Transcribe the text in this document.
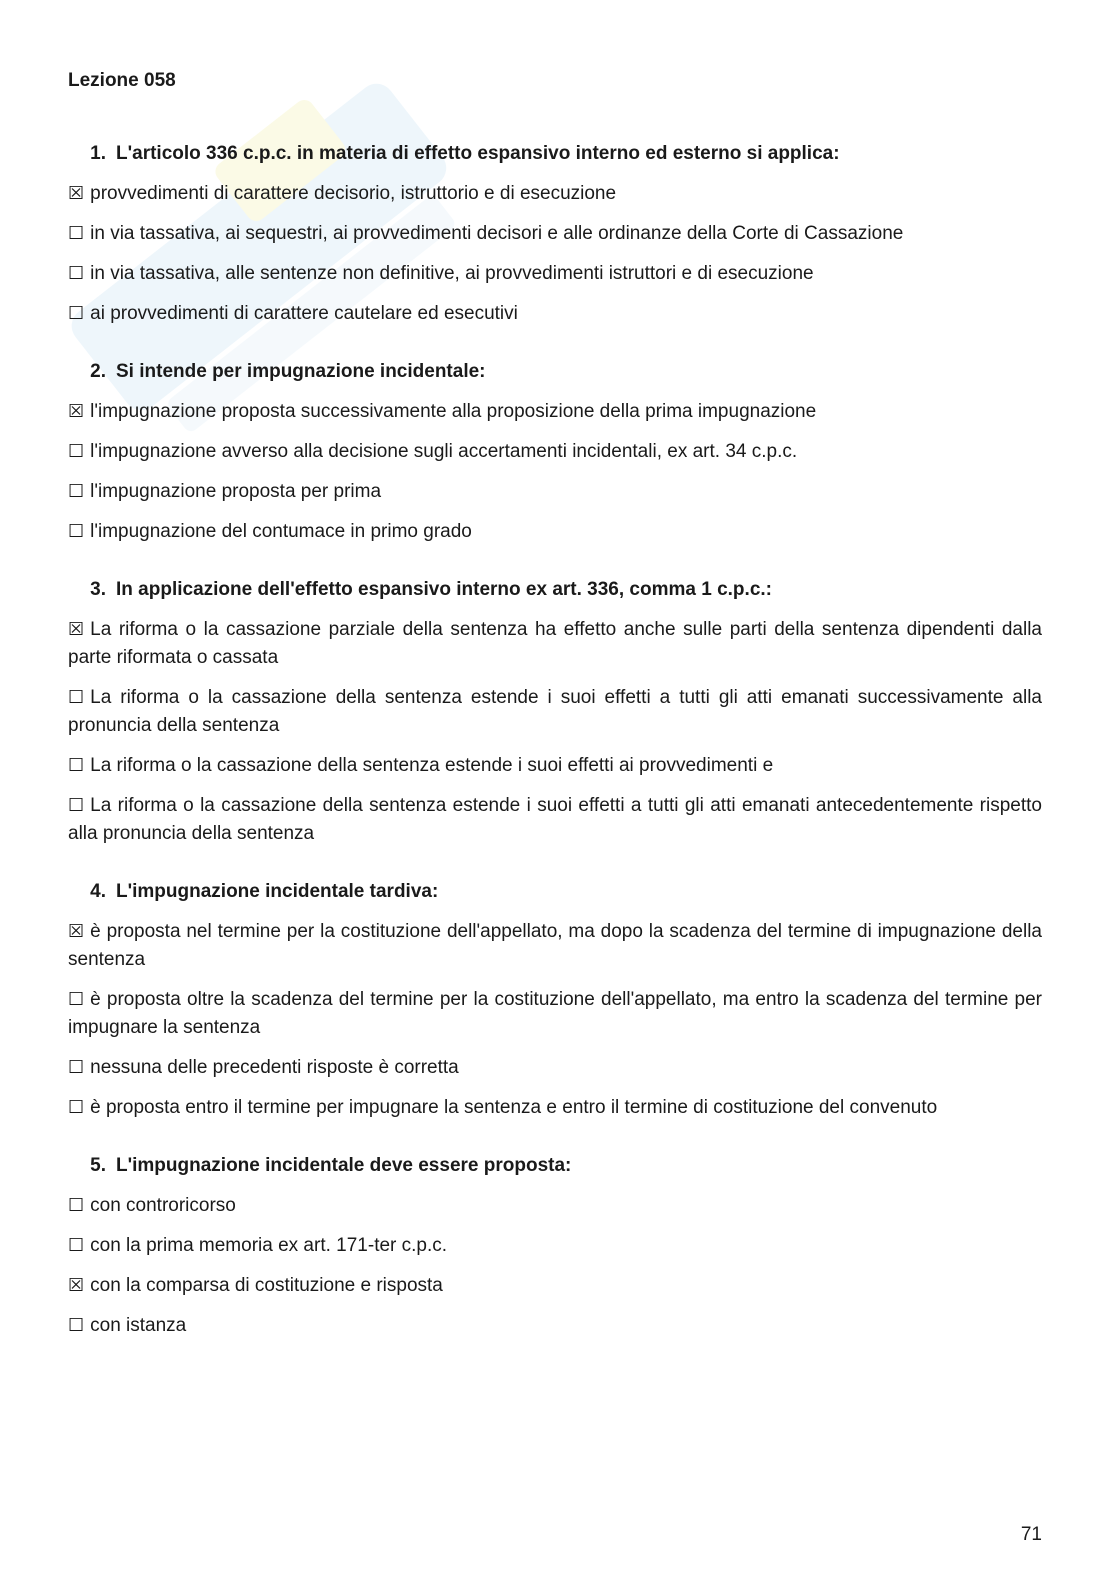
Lezione 058
1 . L'articolo 336 c.p.c. in materia di effetto espansivo interno ed esterno si applica:
☒ provvedimenti di carattere decisorio, istruttorio e di esecuzione
☐ in via tassativa, ai sequestri, ai provvedimenti decisori e alle ordinanze della Corte di Cassazione
☐ in via tassativa, alle sentenze non definitive, ai provvedimenti istruttori e di esecuzione
☐ ai provvedimenti di carattere cautelare ed esecutivi
2 . Si intende per impugnazione incidentale:
☒ l'impugnazione proposta successivamente alla proposizione della prima impugnazione
☐ l'impugnazione avverso alla decisione sugli accertamenti incidentali, ex art. 34 c.p.c.
☐ l'impugnazione proposta per prima
☐ l'impugnazione del contumace in primo grado
3 . In applicazione dell'effetto espansivo interno ex art. 336, comma 1 c.p.c.:
☒ La riforma o la cassazione parziale della sentenza ha effetto anche sulle parti della sentenza dipendenti dalla parte riformata o cassata
☐ La riforma o la cassazione della sentenza estende i suoi effetti a tutti gli atti emanati successivamente alla pronuncia della sentenza
☐ La riforma o la cassazione della sentenza estende i suoi effetti ai provvedimenti e
☐ La riforma o la cassazione della sentenza estende i suoi effetti a tutti gli atti emanati antecedentemente rispetto alla pronuncia della sentenza
4 . L'impugnazione incidentale tardiva:
☒ è proposta nel termine per la costituzione dell'appellato, ma dopo la scadenza del termine di impugnazione della sentenza
☐ è proposta oltre la scadenza del termine per la costituzione dell'appellato, ma entro la scadenza del termine per impugnare la sentenza
☐ nessuna delle precedenti risposte è corretta
☐ è proposta entro il termine per impugnare la sentenza e entro il termine di costituzione del convenuto
5 . L'impugnazione incidentale deve essere proposta:
☐ con controricorso
☐ con la prima memoria ex art. 171-ter c.p.c.
☒ con la comparsa di costituzione e risposta
☐ con istanza
71
